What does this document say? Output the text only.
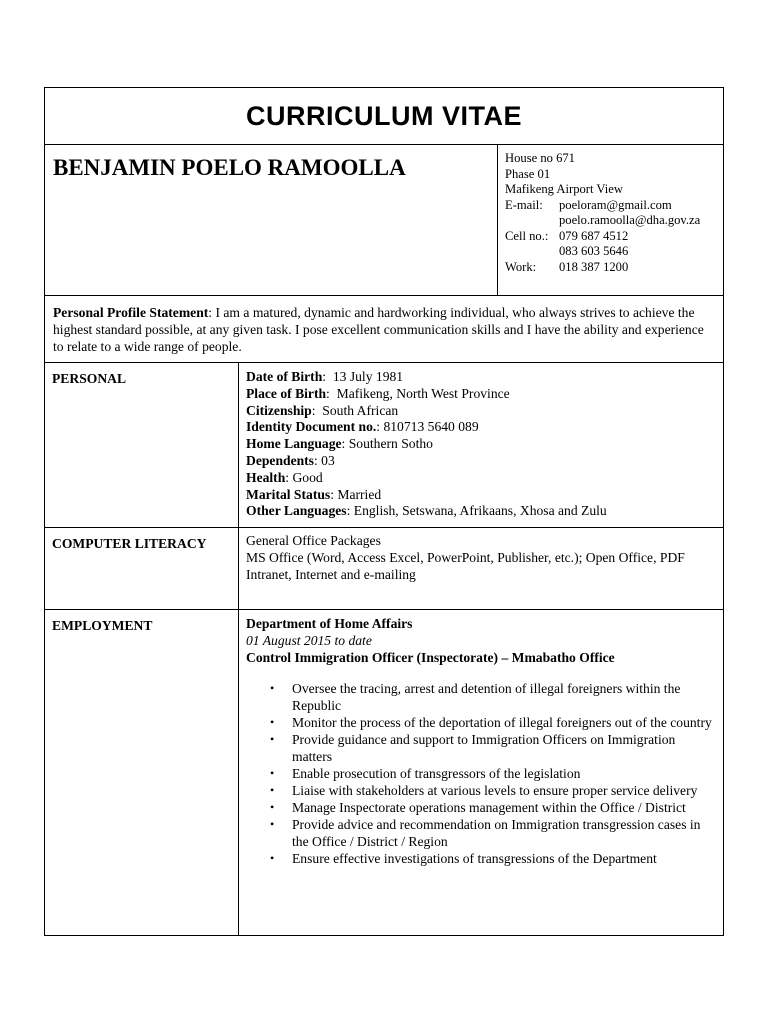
CURRICULUM VITAE
BENJAMIN POELO RAMOOLLA	House no 671
Phase 01
Mafikeng Airport View
E-mail: poeloram@gmail.com
poelo.ramoolla@dha.gov.za
Cell no.: 079 687 4512
083 603 5646
Work: 018 387 1200
Personal Profile Statement: I am a matured, dynamic and hardworking individual, who always strives to achieve the highest standard possible, at any given task. I pose excellent communication skills and I have the ability and experience to relate to a wide range of people.
PERSONAL	Date of Birth:  13 July 1981
Place of Birth:  Mafikeng, North West Province
Citizenship:  South African
Identity Document no.: 810713 5640 089
Home Language: Southern Sotho
Dependents: 03
Health: Good
Marital Status: Married
Other Languages: English, Setswana, Afrikaans, Xhosa and Zulu
COMPUTER LITERACY	General Office Packages
MS Office (Word, Access Excel, PowerPoint, Publisher, etc.); Open Office, PDF
Intranet, Internet and e-mailing
EMPLOYMENT	Department of Home Affairs
01 August 2015 to date
Control Immigration Officer (Inspectorate) – Mmabatho Office
• Oversee the tracing, arrest and detention of illegal foreigners within the Republic
• Monitor the process of the deportation of illegal foreigners out of the country
• Provide guidance and support to Immigration Officers on Immigration matters
• Enable prosecution of transgressors of the legislation
• Liaise with stakeholders at various levels to ensure proper service delivery
• Manage Inspectorate operations management within the Office / District
• Provide advice and recommendation on Immigration transgression cases in the Office / District / Region
• Ensure effective investigations of transgressions of the Department
